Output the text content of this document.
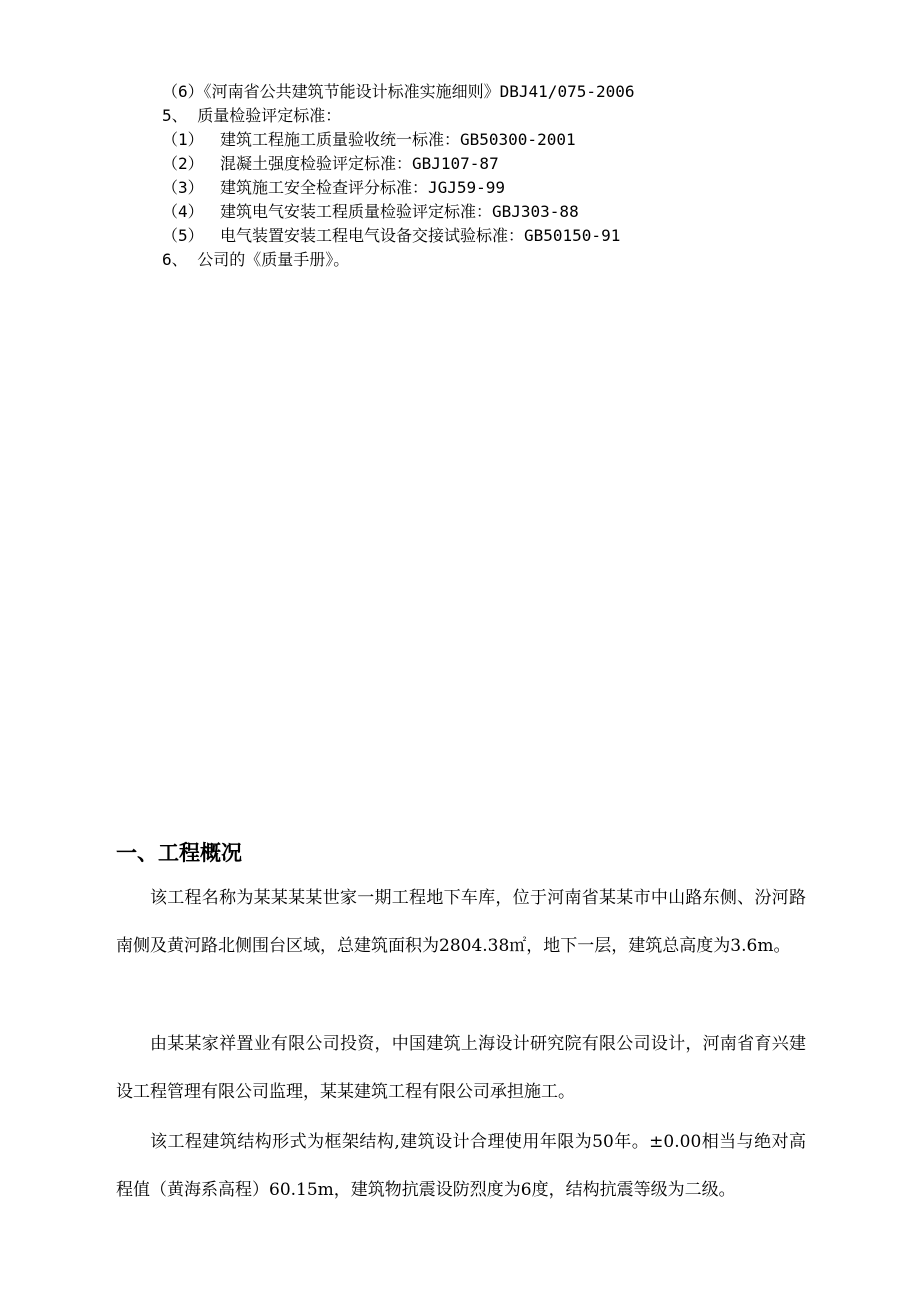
（6）《河南省公共建筑节能设计标准实施细则》DBJ41/075-2006
5、 质量检验评定标准：
（1） 建筑工程施工质量验收统一标准：GB50300-2001
（2） 混凝土强度检验评定标准：GBJ107-87
（3） 建筑施工安全检查评分标准：JGJ59-99
（4） 建筑电气安装工程质量检验评定标准：GBJ303-88
（5） 电气装置安装工程电气设备交接试验标准：GB50150-91
6、 公司的《质量手册》。
一、工程概况

该工程名称为某某某某世家一期工程地下车库，位于河南省某某市中山路东侧、汾河路南侧及黄河路北侧围台区域，总建筑面积为2804.38㎡，地下一层，建筑总高度为3.6m。

由某某家祥置业有限公司投资，中国建筑上海设计研究院有限公司设计，河南省育兴建设工程管理有限公司监理，某某建筑工程有限公司承担施工。

该工程建筑结构形式为框架结构,建筑设计合理使用年限为50年。±0.00相当与绝对高程值（黄海系高程）60.15m，建筑物抗震设防烈度为6度，结构抗震等级为二级。
